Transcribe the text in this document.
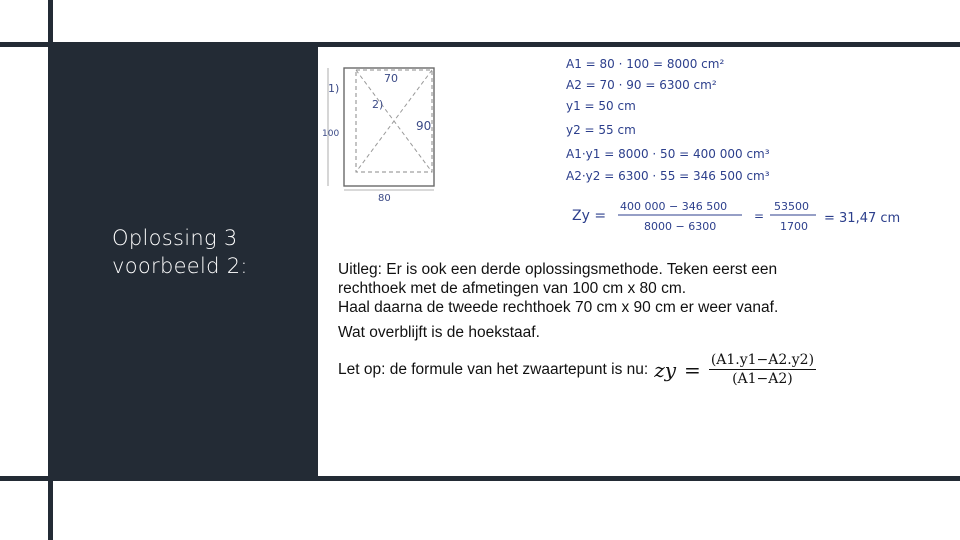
Oplossing 3
voorbeeld 2:
70
1)
2)
90
100
80
A1 = 80 · 100 = 8000 cm²
A2 = 70 · 90 = 6300 cm²
y1 = 50 cm
y2 = 55 cm
A1·y1 = 8000 · 50 = 400 000 cm³
A2·y2 = 6300 · 55 = 346 500 cm³
Zy =
400 000 − 346 500
8000 − 6300
=
53500
1700
= 31,47 cm

Uitleg: Er is ook een derde oplossingsmethode. Teken eerst een

rechthoek met de afmetingen van 100 cm x 80 cm.

Haal daarna de tweede rechthoek 70 cm x 90 cm er weer vanaf.

Wat overblijft is de hoekstaaf.

Let op: de formule van het zwaartepunt is nu: zy = $\frac{(A1.y1-A2.y2)}{(A1-A2)}$
